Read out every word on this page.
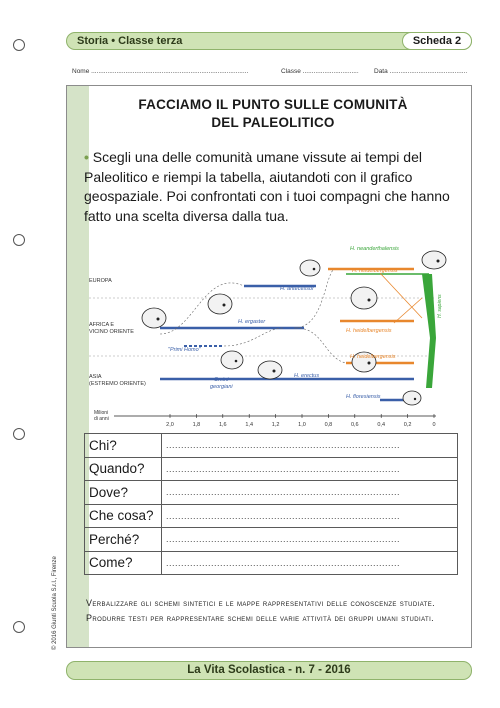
Storia • Classe terza	Scheda 2
Nome .......................................................................................	Classe ............................... Data ...........................................
FACCIAMO IL PUNTO SULLE COMUNITÀ
DEL PALEOLITICO
• Scegli una delle comunità umane vissute ai tempi del Paleolitico e riempi la tabella, aiutandoti con il grafico geospaziale. Poi confrontati con i tuoi compagni che hanno fatto una scelta diversa dalla tua.
EUROPA
AFRICA E
VICINO ORIENTE
ASIA
(ESTREMO ORIENTE)
H. sapiens
H. neanderthalensis
H. heidelbergensis
H. antecessor
H. ergaster
H. heidelbergensis
"Primi Homo"
Omini
georgiani
H. heidelbergensis
H. erectus
H. floresiensis
Milioni
di anni
2,0	1,8	1,6	1,4	1,2	1,0	0,8	0,6	0,4	0,2	0
Chi?	..............................................................................
Quando?	..............................................................................
Dove?	..............................................................................
Che cosa?	..............................................................................
Perché?	..............................................................................
Come?	..............................................................................
Verbalizzare gli schemi sintetici e le mappe rappresentativi delle conoscenze studiate. Produrre testi per rappresentare schemi delle varie attività dei gruppi umani studiati.
© 2016 Giunti Scuola S.r.l., Firenze
La Vita Scolastica - n. 7 - 2016
